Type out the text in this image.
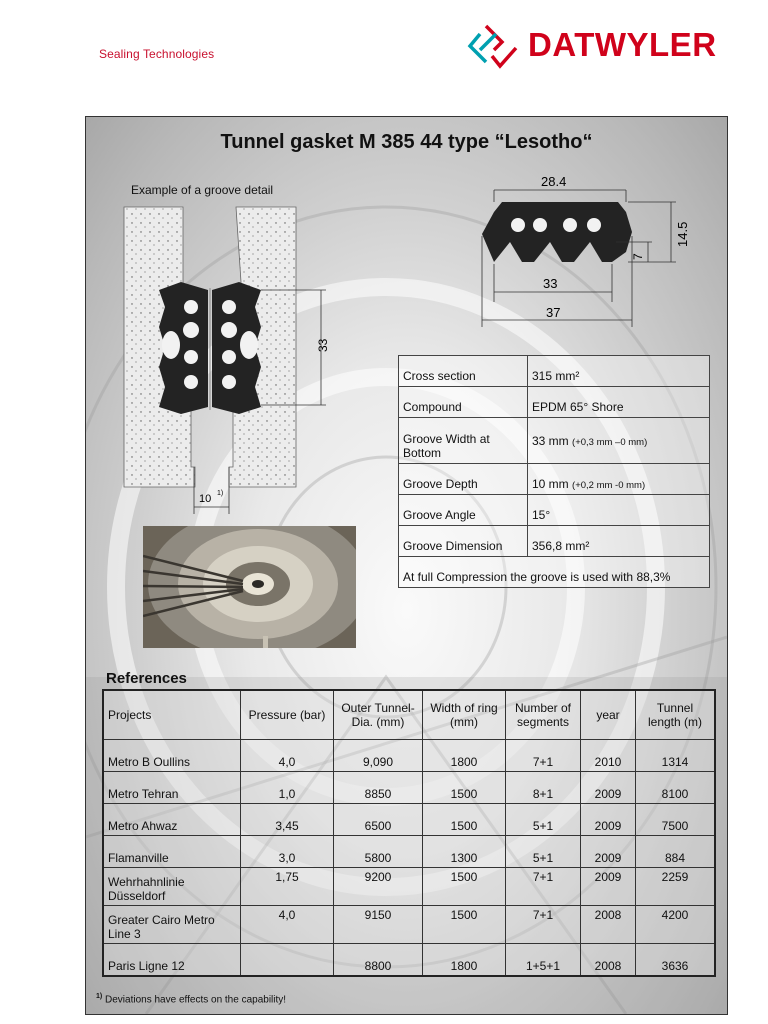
Sealing Technologies	DATWYLER
Tunnel gasket M 385 44 type “Lesotho“
Example of a groove detail
33
10 1)
28.4
33
37
7
14.5
Cross section	315 mm²
Compound	EPDM 65° Shore
Groove Width at Bottom	33 mm (+0,3 mm –0 mm)
Groove Depth	10 mm (+0,2 mm -0 mm)
Groove Angle	15°
Groove Dimension	356,8 mm²
At full Compression the groove is used with 88,3%	
References
Projects	Pressure (bar)	Outer Tunnel-Dia. (mm)	Width of ring (mm)	Number of segments	year	Tunnel length (m)
Metro B Oullins	4,0	9,090	1800	7+1	2010	1314
Metro Tehran	1,0	8850	1500	8+1	2009	8100
Metro Ahwaz	3,45	6500	1500	5+1	2009	7500
Flamanville	3,0	5800	1300	5+1	2009	884
Wehrhahnlinie Düsseldorf	1,75	9200	1500	7+1	2009	2259
Greater Cairo Metro Line 3	4,0	9150	1500	7+1	2008	4200
Paris Ligne 12		8800	1800	1+5+1	2008	3636
$^{1)}$ Deviations have effects on the capability!
